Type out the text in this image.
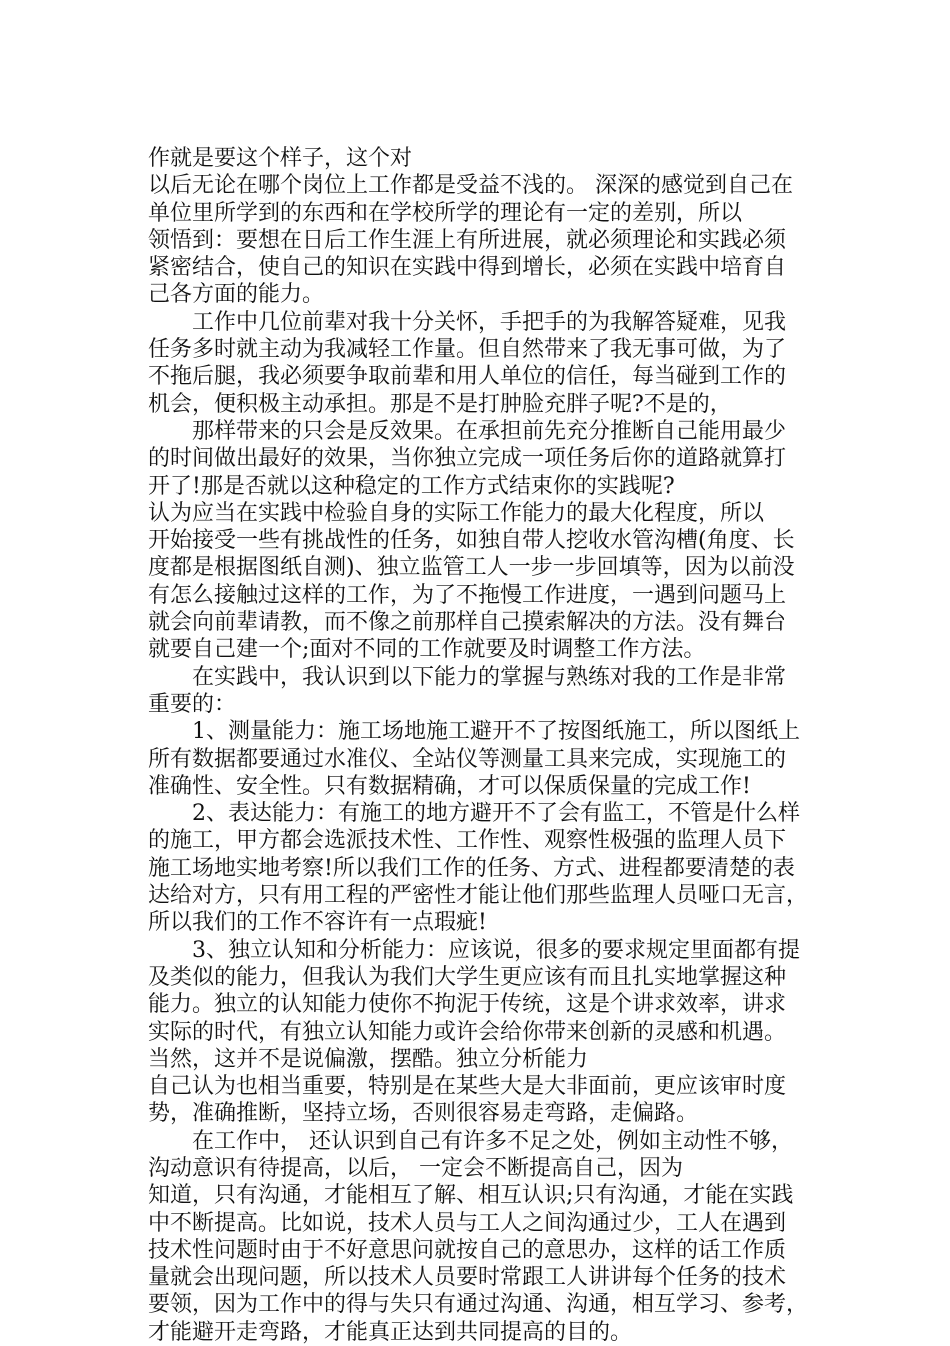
作就是要这个样子，这个对
以后无论在哪个岗位上工作都是受益不浅的。 深深的感觉到自己在
单位里所学到的东西和在学校所学的理论有一定的差别，所以
领悟到：要想在日后工作生涯上有所进展，就必须理论和实践必须
紧密结合，使自己的知识在实践中得到增长，必须在实践中培育自
己各方面的能力。
　　工作中几位前辈对我十分关怀，手把手的为我解答疑难，见我
任务多时就主动为我减轻工作量。但自然带来了我无事可做，为了
不拖后腿，我必须要争取前辈和用人单位的信任，每当碰到工作的
机会，便积极主动承担。那是不是打肿脸充胖子呢?不是的，
　　那样带来的只会是反效果。在承担前先充分推断自己能用最少
的时间做出最好的效果，当你独立完成一项任务后你的道路就算打
开了!那是否就以这种稳定的工作方式结束你的实践呢?
认为应当在实践中检验自身的实际工作能力的最大化程度，所以
开始接受一些有挑战性的任务，如独自带人挖收水管沟槽(角度、长
度都是根据图纸自测)、独立监管工人一步一步回填等，因为以前没
有怎么接触过这样的工作，为了不拖慢工作进度，一遇到问题马上
就会向前辈请教，而不像之前那样自己摸索解决的方法。没有舞台
就要自己建一个;面对不同的工作就要及时调整工作方法。
　　在实践中，我认识到以下能力的掌握与熟练对我的工作是非常
重要的：
　　1、测量能力：施工场地施工避开不了按图纸施工，所以图纸上
所有数据都要通过水准仪、全站仪等测量工具来完成，实现施工的
准确性、安全性。只有数据精确，才可以保质保量的完成工作!
　　2、表达能力：有施工的地方避开不了会有监工，不管是什么样
的施工，甲方都会选派技术性、工作性、观察性极强的监理人员下
施工场地实地考察!所以我们工作的任务、方式、进程都要清楚的表
达给对方，只有用工程的严密性才能让他们那些监理人员哑口无言，
所以我们的工作不容许有一点瑕疵!
　　3、独立认知和分析能力：应该说，很多的要求规定里面都有提
及类似的能力，但我认为我们大学生更应该有而且扎实地掌握这种
能力。独立的认知能力使你不拘泥于传统，这是个讲求效率，讲求
实际的时代，有独立认知能力或许会给你带来创新的灵感和机遇。
当然，这并不是说偏激，摆酷。独立分析能力
自己认为也相当重要，特别是在某些大是大非面前，更应该审时度
势，准确推断，坚持立场，否则很容易走弯路，走偏路。
　　在工作中， 还认识到自己有许多不足之处，例如主动性不够，
沟动意识有待提高，以后， 一定会不断提高自己，因为
知道，只有沟通，才能相互了解、相互认识;只有沟通，才能在实践
中不断提高。比如说，技术人员与工人之间沟通过少，工人在遇到
技术性问题时由于不好意思问就按自己的意思办，这样的话工作质
量就会出现问题，所以技术人员要时常跟工人讲讲每个任务的技术
要领，因为工作中的得与失只有通过沟通、沟通，相互学习、参考，
才能避开走弯路，才能真正达到共同提高的目的。
